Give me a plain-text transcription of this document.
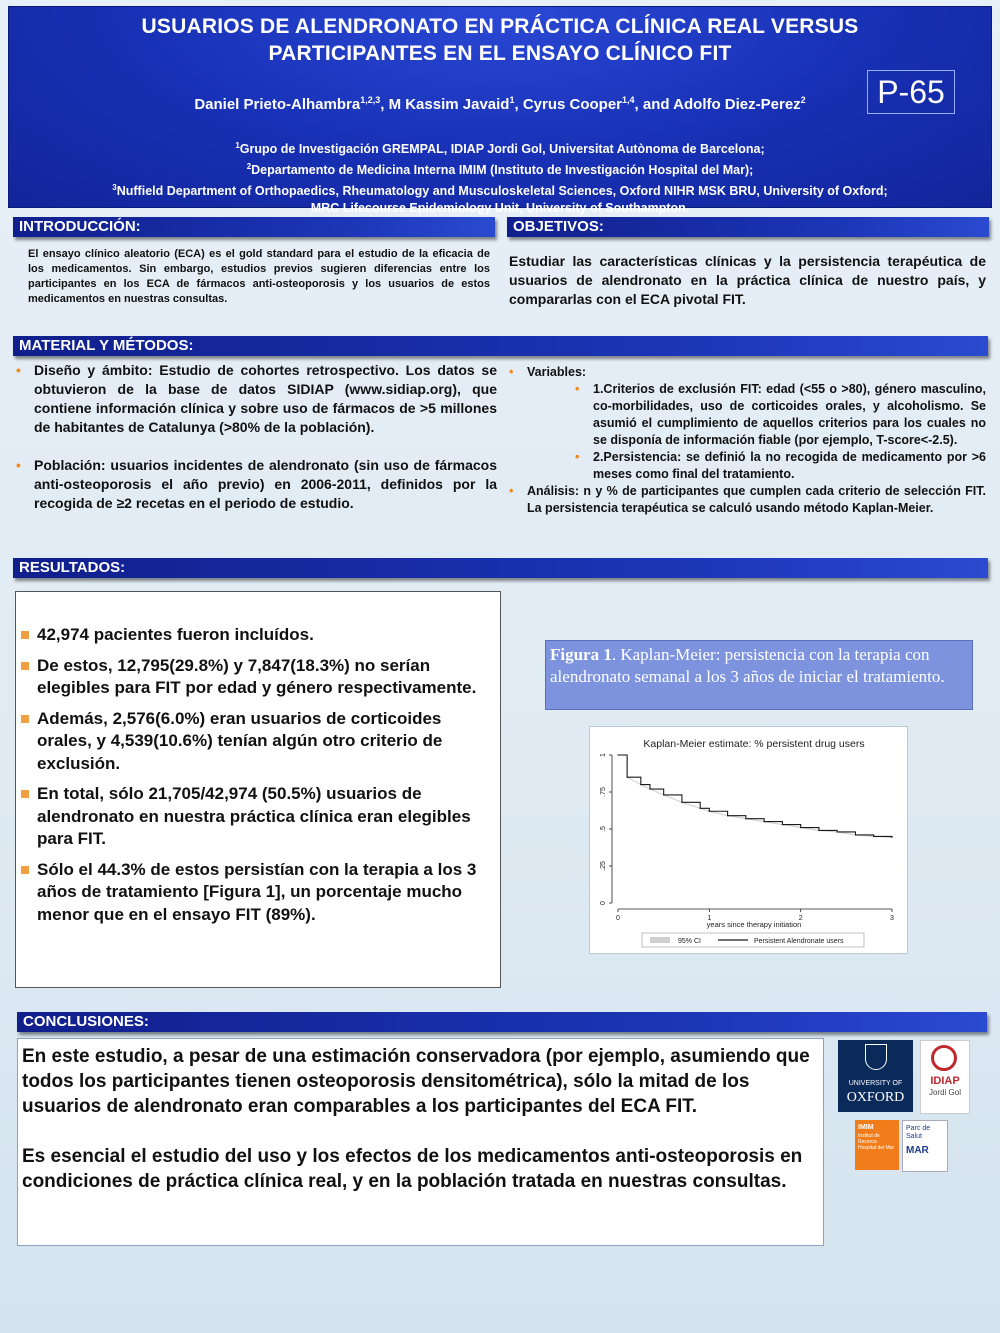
USUARIOS DE ALENDRONATO EN PRÁCTICA CLÍNICA REAL VERSUS
PARTICIPANTES EN EL ENSAYO CLÍNICO FIT
Daniel Prieto-Alhambra$^{1,2,3}$, M Kassim Javaid$^1$, Cyrus Cooper$^{1,4}$, and Adolfo Diez-Perez$^2$
$^1$Grupo de Investigación GREMPAL, IDIAP Jordi Gol, Universitat Autònoma de Barcelona;
$^2$Departamento de Medicina Interna IMIM (Instituto de Investigación Hospital del Mar);
$^3$Nuffield Department of Orthopaedics, Rheumatology and Musculoskeletal Sciences, Oxford NIHR MSK BRU, University of Oxford;
MRC Lifecourse Epidemiology Unit, University of Southampton.
P-65
INTRODUCCIÓN:
El ensayo clínico aleatorio (ECA) es el gold standard para el estudio de la eficacia de los medicamentos. Sin embargo, estudios previos sugieren diferencias entre los participantes en los ECA de fármacos anti-osteoporosis y los usuarios de estos medicamentos en nuestras consultas.
OBJETIVOS:
Estudiar las características clínicas y la persistencia terapéutica de usuarios de alendronato en la práctica clínica de nuestro país, y compararlas con el ECA pivotal FIT.
MATERIAL Y MÉTODOS:
• Diseño y ámbito: Estudio de cohortes retrospectivo. Los datos se obtuvieron de la base de datos SIDIAP (www.sidiap.org), que contiene información clínica y sobre uso de fármacos de >5 millones de habitantes de Catalunya (>80% de la población).
• Población: usuarios incidentes de alendronato (sin uso de fármacos anti-osteoporosis el año previo) en 2006-2011, definidos por la recogida de ≥2 recetas en el periodo de estudio.
• Variables:
• 1.Criterios de exclusión FIT: edad (<55 o >80), género masculino, co-morbilidades, uso de corticoides orales, y alcoholismo. Se asumió el cumplimiento de aquellos criterios para los cuales no se disponía de información fiable (por ejemplo, T-score<-2.5).
• 2.Persistencia: se definió la no recogida de medicamento por >6 meses como final del tratamiento.
• Análisis: n y % de participantes que cumplen cada criterio de selección FIT. La persistencia terapéutica se calculó usando método Kaplan-Meier.
RESULTADOS:
42,974 pacientes fueron incluídos.
De estos, 12,795(29.8%) y 7,847(18.3%) no serían elegibles para FIT por edad y género respectivamente.
Además, 2,576(6.0%) eran usuarios de corticoides orales, y 4,539(10.6%) tenían algún otro criterio de exclusión.
En total, sólo 21,705/42,974 (50.5%) usuarios de alendronato en nuestra práctica clínica eran elegibles para FIT.
Sólo el 44.3% de estos persistían con la terapia a los 3 años de tratamiento [Figura 1], un porcentaje mucho menor que en el ensayo FIT (89%).
Figura 1. Kaplan-Meier: persistencia con la terapia con alendronato semanal a los 3 años de iniciar el tratamiento.
Kaplan-Meier estimate: % persistent drug users
0
.25
.5
.75
1
0	1	2	3
years since therapy initiation
95% CI	Persistent Alendronate users
CONCLUSIONES:

En este estudio, a pesar de una estimación conservadora (por ejemplo, asumiendo que todos los participantes tienen osteoporosis densitométrica), sólo la mitad de los usuarios de alendronato eran comparables a los participantes del ECA FIT.

Es esencial el estudio del uso y los efectos de los medicamentos anti-osteoporosis en condiciones de práctica clínica real, y en la población tratada en nuestras consultas.

UNIVERSITY OF
OXFORD
IDIAP
Jordi Gol
IMIM
Institut de Recerca Hospital del Mar
Parc de Salut
MAR
